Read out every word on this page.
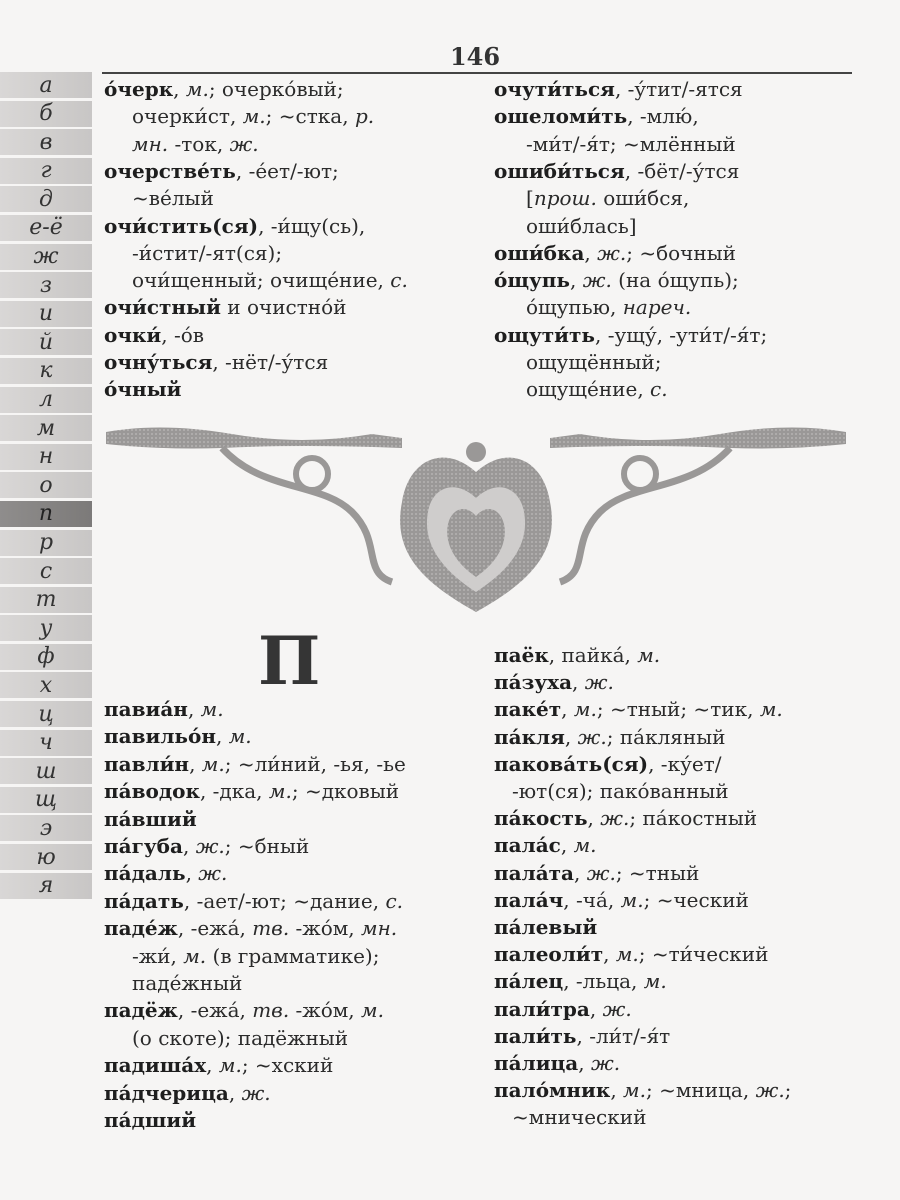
146
а
б
в
г
д
е-ё
ж
з
и
й
к
л
м
н
о
п
р
с
т
у
ф
х
ц
ч
ш
щ
э
ю
я
о́черк, м.; очерко́вый;
очерки́ст, м.; ~стка, р.
мн. -ток, ж.
очерстве́ть, -е́ет/-ют;
~ве́лый
очи́стить(ся), -и́щу(сь),
-и́стит/-ят(ся);
очи́щенный; очище́ние, с.
очи́стный и очистно́й
очки́, -о́в
очну́ться, -нёт/-у́тся
о́чный
очути́ться, -у́тит/-ятся
ошеломи́ть, -млю́,
-ми́т/-я́т; ~млённый
ошиби́ться, -бёт/-у́тся
[прош. оши́бся,
оши́блась]
оши́бка, ж.; ~бочный
о́щупь, ж. (на о́щупь);
о́щупью, нареч.
ощути́ть, -ущу́, -ути́т/-я́т;
ощущённый;
ощуще́ние, с.
П
павиа́н, м.
павильо́н, м.
павли́н, м.; ~ли́ний, -ья, -ье
па́водок, -дка, м.; ~дковый
па́вший
па́губа, ж.; ~бный
па́даль, ж.
па́дать, -ает/-ют; ~дание, с.
паде́ж, -ежа́, тв. -жо́м, мн.
-жи́, м. (в грамматике);
паде́жный
падёж, -ежа́, тв. -жо́м, м.
(о скоте); падёжный
падиша́х, м.; ~хский
па́дчерица, ж.
па́дший
паёк, пайка́, м.
па́зуха, ж.
паке́т, м.; ~тный; ~тик, м.
па́кля, ж.; па́кляный
пакова́ть(ся), -ку́ет/
-ют(ся); пако́ванный
па́кость, ж.; па́костный
пала́с, м.
пала́та, ж.; ~тный
пала́ч, -ча́, м.; ~ческий
па́левый
палеоли́т, м.; ~ти́ческий
па́лец, -льца, м.
пали́тра, ж.
пали́ть, -ли́т/-я́т
па́лица, ж.
пало́мник, м.; ~мница, ж.;
~мнический
